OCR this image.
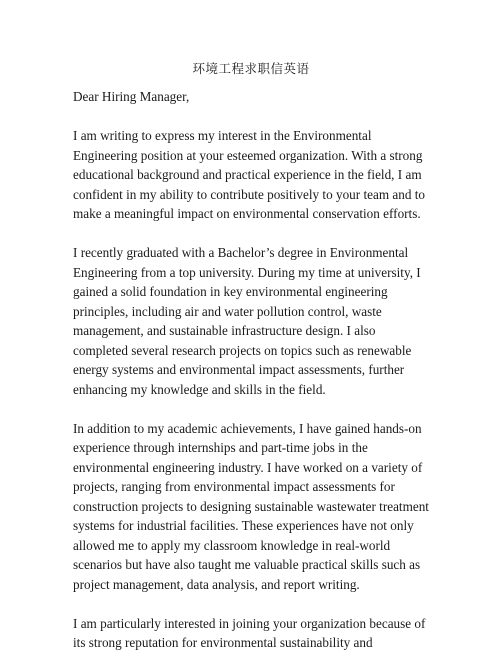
环境工程求职信英语

Dear Hiring Manager,

I am writing to express my interest in the Environmental
Engineering position at your esteemed organization. With a strong
educational background and practical experience in the field, I am
confident in my ability to contribute positively to your team and to
make a meaningful impact on environmental conservation efforts.

I recently graduated with a Bachelor’s degree in Environmental
Engineering from a top university. During my time at university, I
gained a solid foundation in key environmental engineering
principles, including air and water pollution control, waste
management, and sustainable infrastructure design. I also
completed several research projects on topics such as renewable
energy systems and environmental impact assessments, further
enhancing my knowledge and skills in the field.

In addition to my academic achievements, I have gained hands-on
experience through internships and part-time jobs in the
environmental engineering industry. I have worked on a variety of
projects, ranging from environmental impact assessments for
construction projects to designing sustainable wastewater treatment
systems for industrial facilities. These experiences have not only
allowed me to apply my classroom knowledge in real-world
scenarios but have also taught me valuable practical skills such as
project management, data analysis, and report writing.

I am particularly interested in joining your organization because of
its strong reputation for environmental sustainability and
